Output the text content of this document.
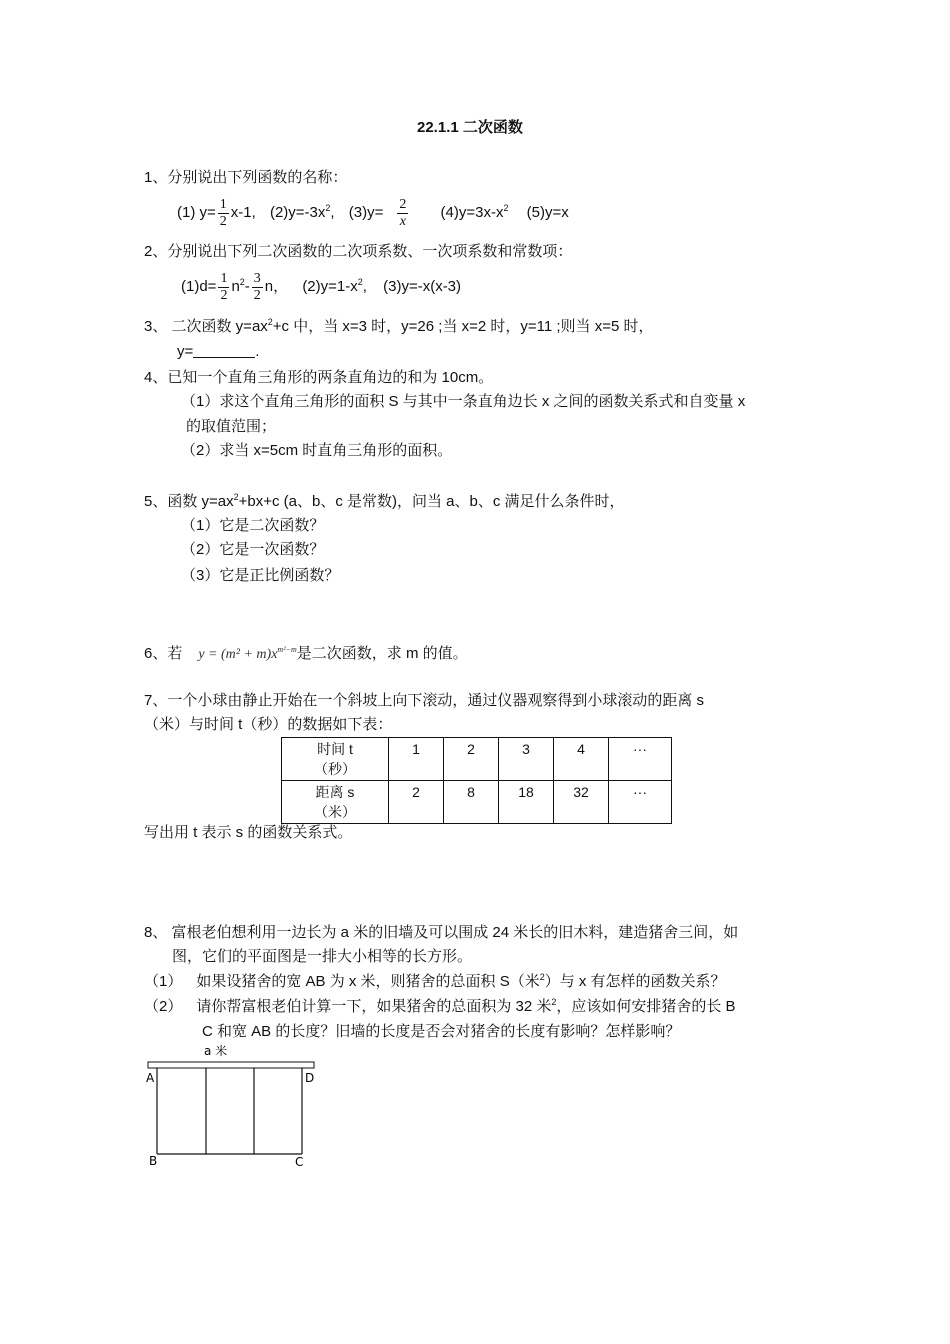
22.1.1 二次函数
1、分别说出下列函数的名称：
(1) $y= \frac{1}{2} x-1$, $(2)y=-3x^2$, $(3)y= \frac{2}{x} (4)y=3x-x^2$ (5)y=x
2、分别说出下列二次函数的二次项系数、一次项系数和常数项：
$(1)d= \frac{1}{2} n^2- \frac{3}{2}$ n， $(2)y=1-x^2$, (3)y=-x(x-3)
3、 二次函数 $y=ax^2+c$ 中，当 x=3 时，y=26 ;当 x=2 时，y=11 ;则当 x=5 时，
y=	.
4、已知一个直角三角形的两条直角边的和为 10cm。
（1）求这个直角三角形的面积 S 与其中一条直角边长 x 之间的函数关系式和自变量 x
的取值范围；
（2）求当 x=5cm 时直角三角形的面积。
5、函数 $y=ax^2+bx+c$ (a、b、c 是常数)，问当 a、b、c 满足什么条件时，
（1）它是二次函数？
（2）它是一次函数？
（3）它是正比例函数？
6、若 $y = (m^2 + m)x^{m^2-m}$是二次函数，求 m 的值。
7、一个小球由静止开始在一个斜坡上向下滚动，通过仪器观察得到小球滚动的距离 s
（米）与时间 t（秒）的数据如下表：
时间 t
（秒）	1	2	3	4	···
距离 s
（米）	2	8	18	32	···
写出用 t 表示 s 的函数关系式。
8、 富根老伯想利用一边长为 a 米的旧墙及可以围成 24 米长的旧木料，建造猪舍三间，如
图，它们的平面图是一排大小相等的长方形。
（1） 如果设猪舍的宽 AB 为 x 米，则猪舍的总面积 S（米$^2$）与 x 有怎样的函数关系？
（2） 请你帮富根老伯计算一下，如果猪舍的总面积为 32 米$^2$，应该如何安排猪舍的长 B
C 和宽 AB 的长度？旧墙的长度是否会对猪舍的长度有影响？怎样影响？
a 米
A	D
B	C
